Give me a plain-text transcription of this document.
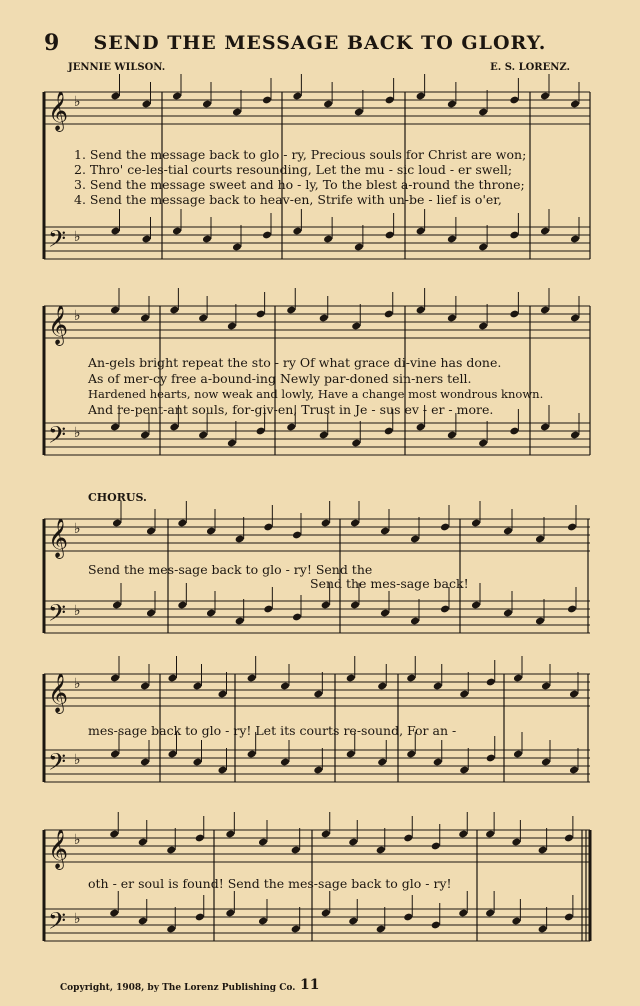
9	SEND THE MESSAGE BACK TO GLORY.
JENNIE WILSON.	E. S. LORENZ.
𝄞
𝄢
♭
♭
𝄞
𝄢
♭
♭
𝄞
𝄢
♭
♭
𝄞
𝄢
♭
♭
𝄞
𝄢
♭
♭
1. Send the message back to glo - ry, Precious souls for Christ are won;
2. Thro' ce-les-tial courts resounding, Let the mu - sic loud - er swell;
3. Send the message sweet and ho - ly, To the blest a-round the throne;
4. Send the message back to heav-en, Strife with un-be - lief is o'er,
An-gels bright repeat the sto - ry Of what grace di-vine has done.
As of mer-cy free a-bound-ing Newly par-doned sin-ners tell.
Hardened hearts, now weak and lowly, Have a change most wondrous known.
And re-pent-ant souls, for-giv-en, Trust in Je - sus ev - er - more.
CHORUS.
Send the mes-sage back to glo - ry! Send the
Send the mes-sage back!
mes-sage back to glo - ry! Let its courts re-sound, For an -
oth - er soul is found! Send the mes-sage back to glo - ry!
Copyright, 1908, by The Lorenz Publishing Co. 11
